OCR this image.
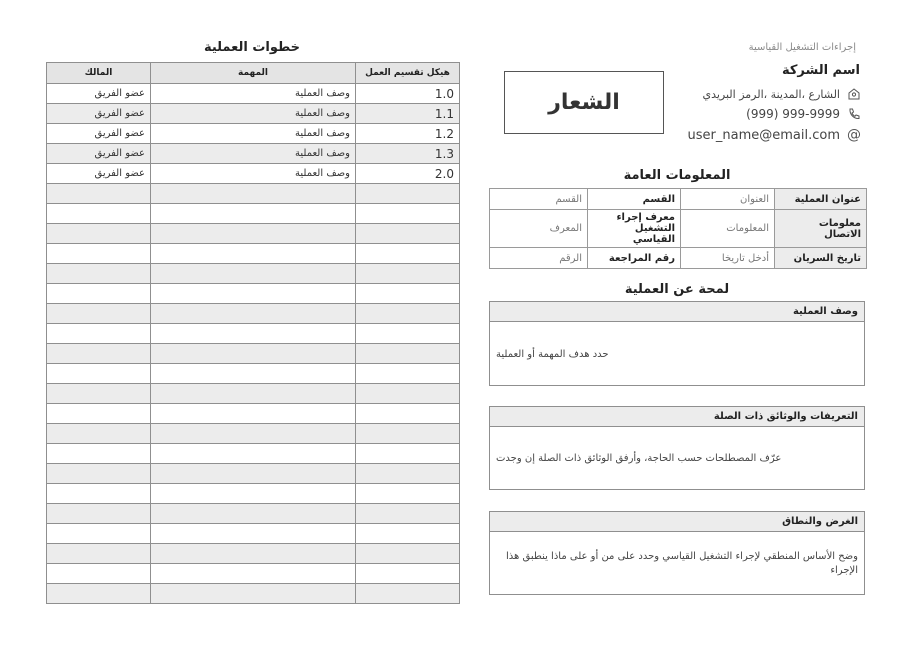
إجراءات التشغيل القياسية
الشعار
اسم الشركة
الشارع ،المدينة ،الرمز البريدي
(999) 999-9999
@
user_name@email.com
المعلومات العامة
عنوان العملية	العنوان	القسم	القسم
معلومات الاتصال	المعلومات	معرف إجراء التشغيل القياسي	المعرف
تاريخ السريان	أدخل تاريخا	رقم المراجعة	الرقم
لمحة عن العملية
وصف العملية
حدد هدف المهمة أو العملية
التعريفات والوثائق ذات الصلة
عرّف المصطلحات حسب الحاجة، وأرفق الوثائق ذات الصلة إن وجدت
الغرض والنطاق
وضح الأساس المنطقي لإجراء التشغيل القياسي وحدد على من أو على ماذا ينطبق هذا الإجراء
خطوات العملية
هيكل تقسيم العمل	المهمة	المالك
1.0	وصف العملية	عضو الفريق
1.1	وصف العملية	عضو الفريق
1.2	وصف العملية	عضو الفريق
1.3	وصف العملية	عضو الفريق
2.0	وصف العملية	عضو الفريق
